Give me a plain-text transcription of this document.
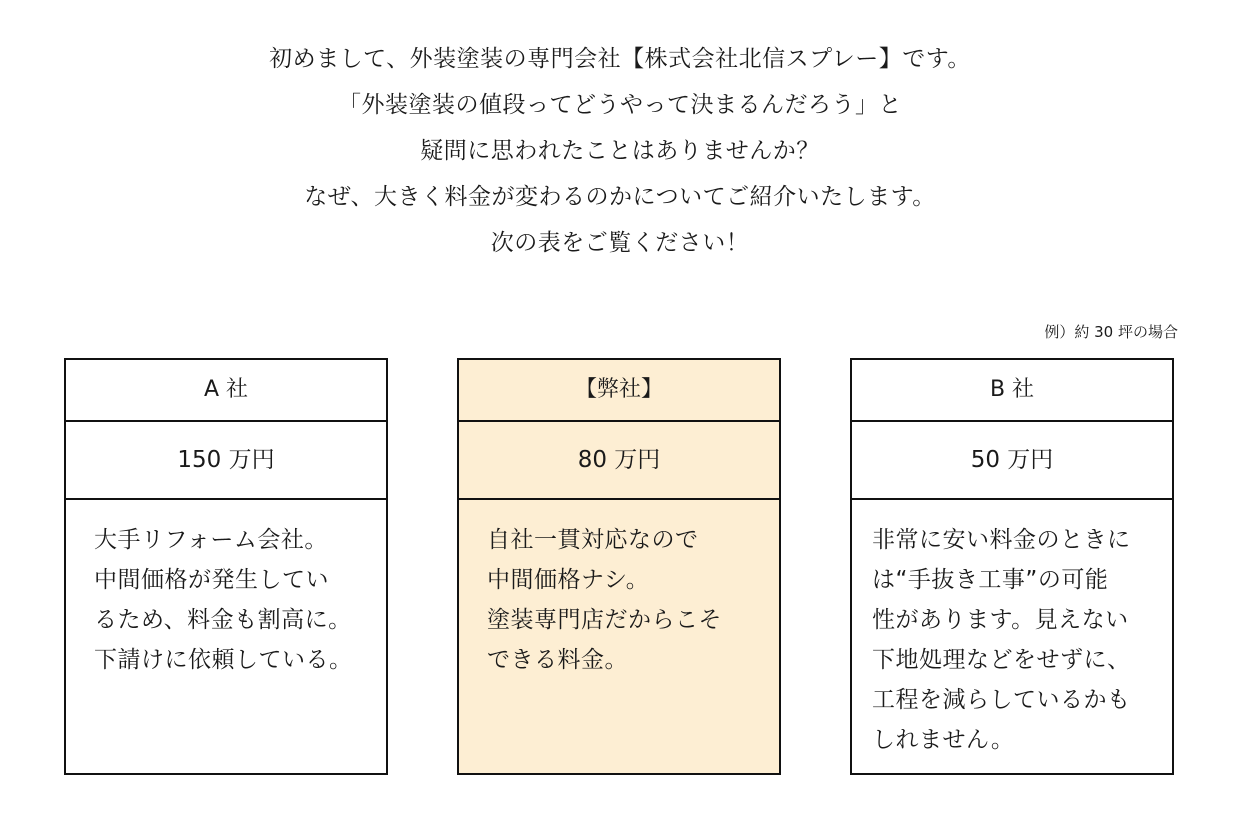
初めまして、外装塗装の専門会社【株式会社北信スプレー】です。
「外装塗装の値段ってどうやって決まるんだろう」と
疑問に思われたことはありませんか？
なぜ、大きく料金が変わるのかについてご紹介いたします。
次の表をご覧ください！
例）約 30 坪の場合
A 社
150 万円
大手リフォーム会社。
中間価格が発生してい
るため、料金も割高に。
下請けに依頼している。
【弊社】
80 万円
自社一貫対応なので
中間価格ナシ。
塗装専門店だからこそ
できる料金。
B 社
50 万円
非常に安い料金のときに
は“手抜き工事”の可能
性があります。見えない
下地処理などをせずに、
工程を減らしているかも
しれません。
